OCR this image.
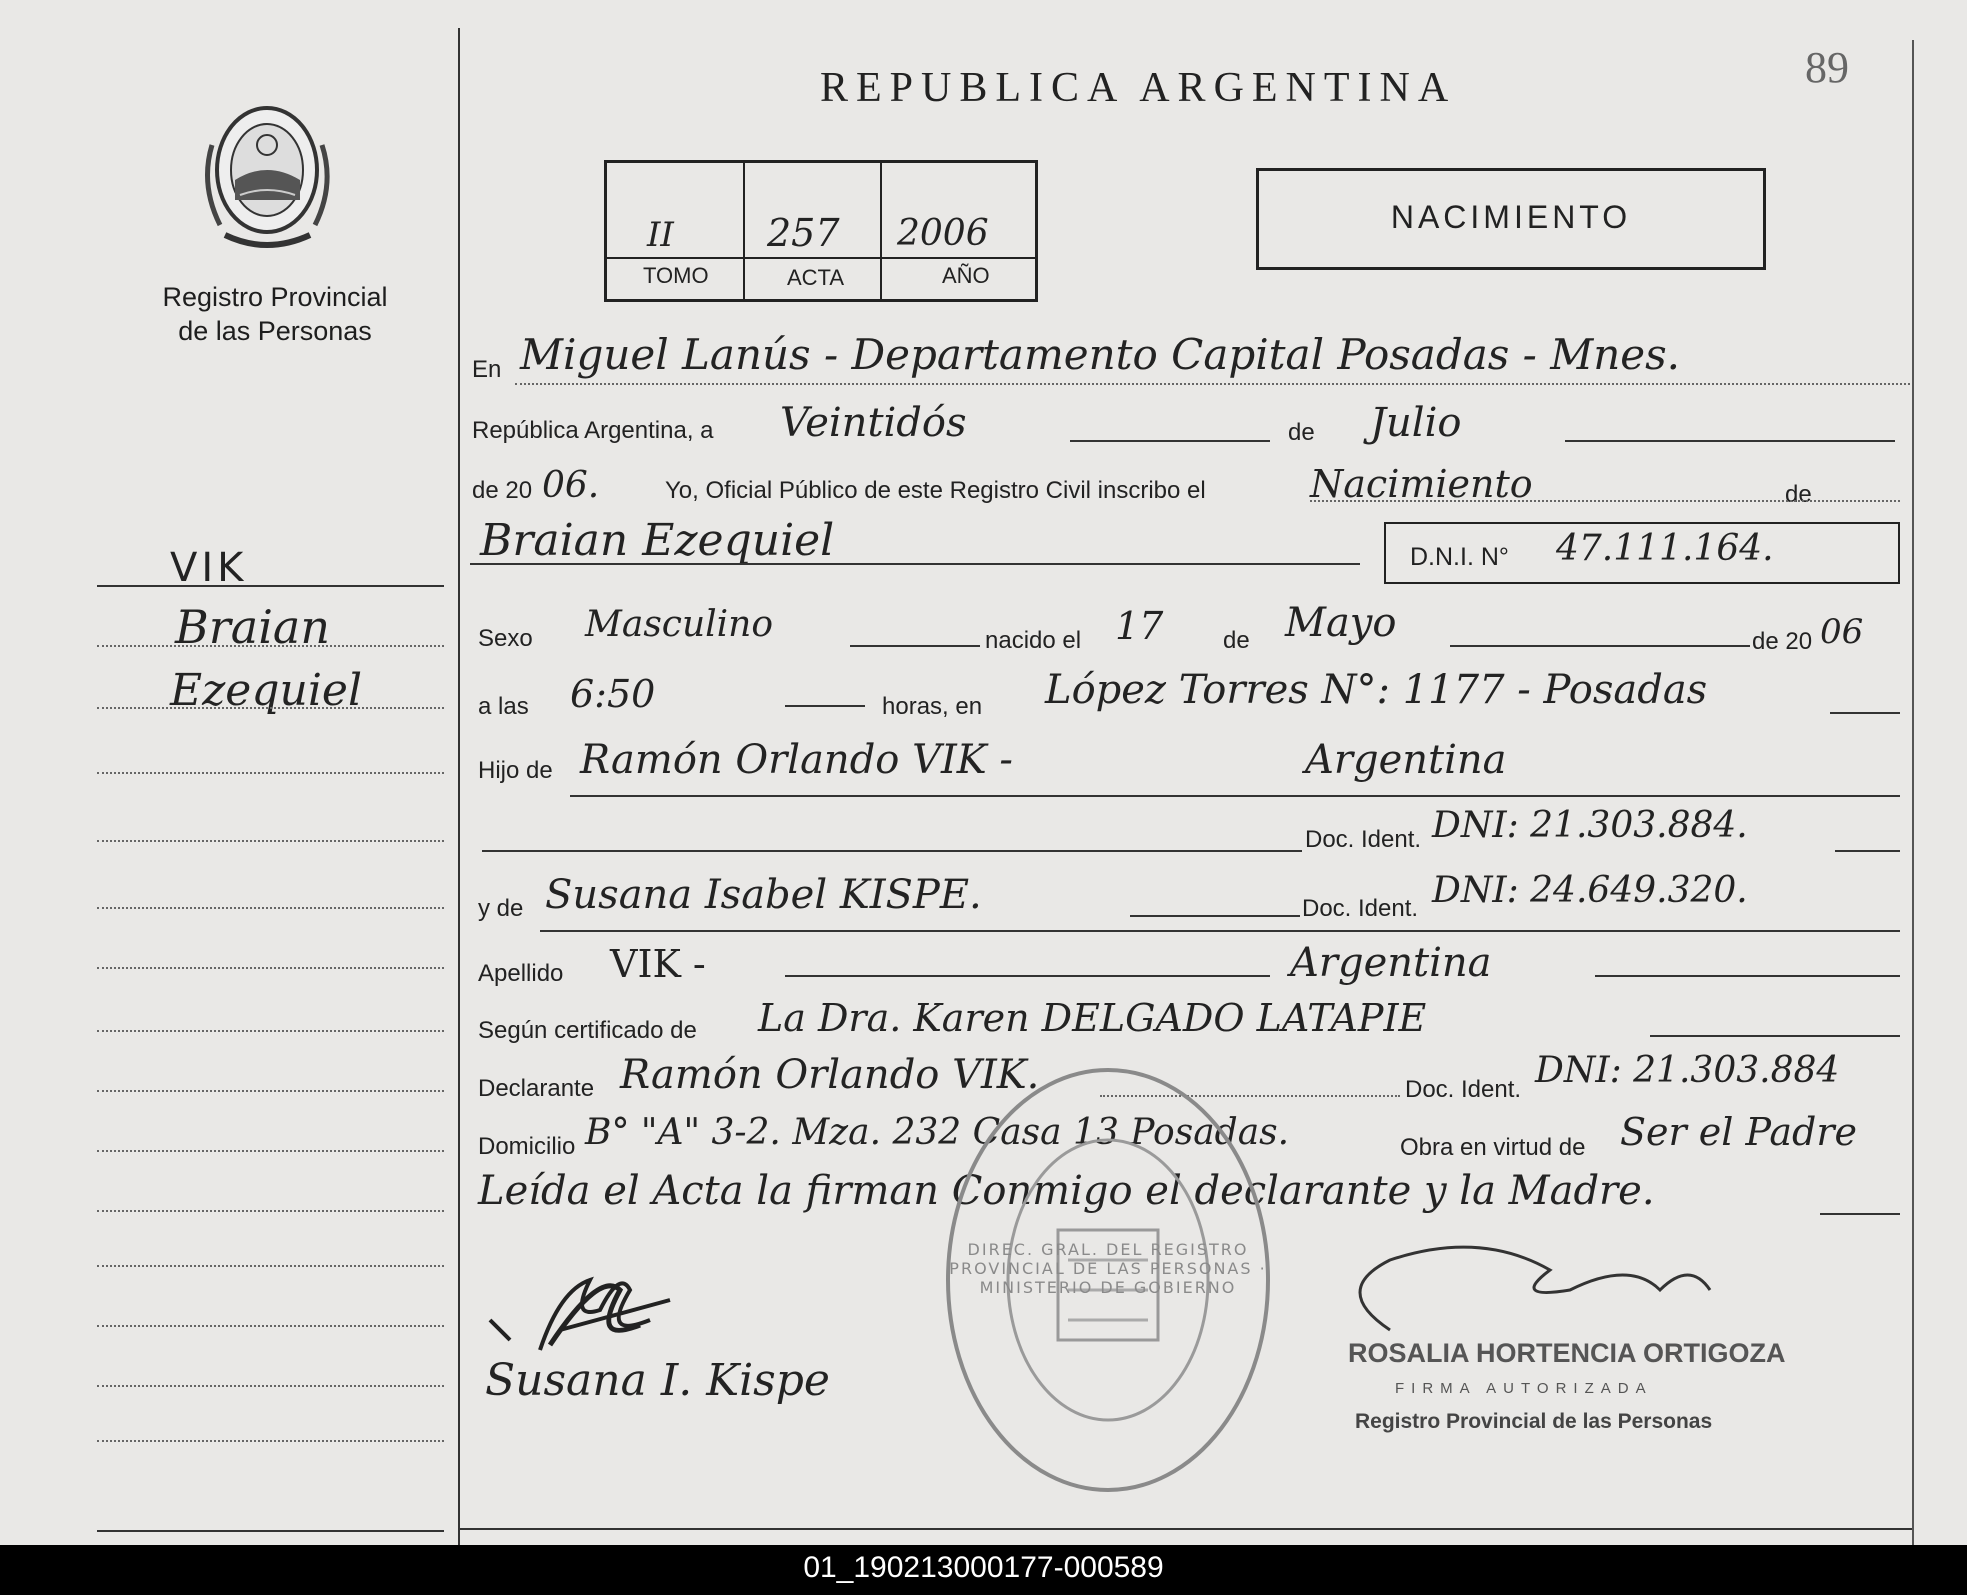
REPUBLICA ARGENTINA	89
Registro Provincial
de las Personas
II 257 2006
TOMO	ACTA	AÑO
NACIMIENTO
VIK
Braian
Ezequiel
En Miguel Lanús - Departamento Capital Posadas - Mnes.
República Argentina, a Veintidós	de Julio
de 20 06.	Yo, Oficial Público de este Registro Civil inscribo el	Nacimiento	de
Braian Ezequiel	D.N.I. N° 47.111.164.
Sexo Masculino	nacido el 17 de Mayo	de 20 06
a las 6:50	horas, en López Torres N°: 1177 - Posadas
Hijo de Ramón Orlando VIK -	Argentina
Doc. Ident. DNI: 21.303.884.
y de Susana Isabel KISPE.	Doc. Ident. DNI: 24.649.320.
Apellido VIK -	Argentina
Según certificado de La Dra. Karen DELGADO LATAPIE
Declarante Ramón Orlando VIK.	Doc. Ident. DNI: 21.303.884
Domicilio B° "A" 3-2. Mza. 232 Casa 13 Posadas.	Obra en virtud de Ser el Padre
Leída el Acta la firman Conmigo el declarante y la Madre.
DIREC. GRAL. DEL REGISTRO PROVINCIAL DE LAS PERSONAS · MINISTERIO DE GOBIERNO
Susana I. Kispe
ROSALIA HORTENCIA ORTIGOZA
FIRMA AUTORIZADA
Registro Provincial de las Personas
01_190213000177-000589
